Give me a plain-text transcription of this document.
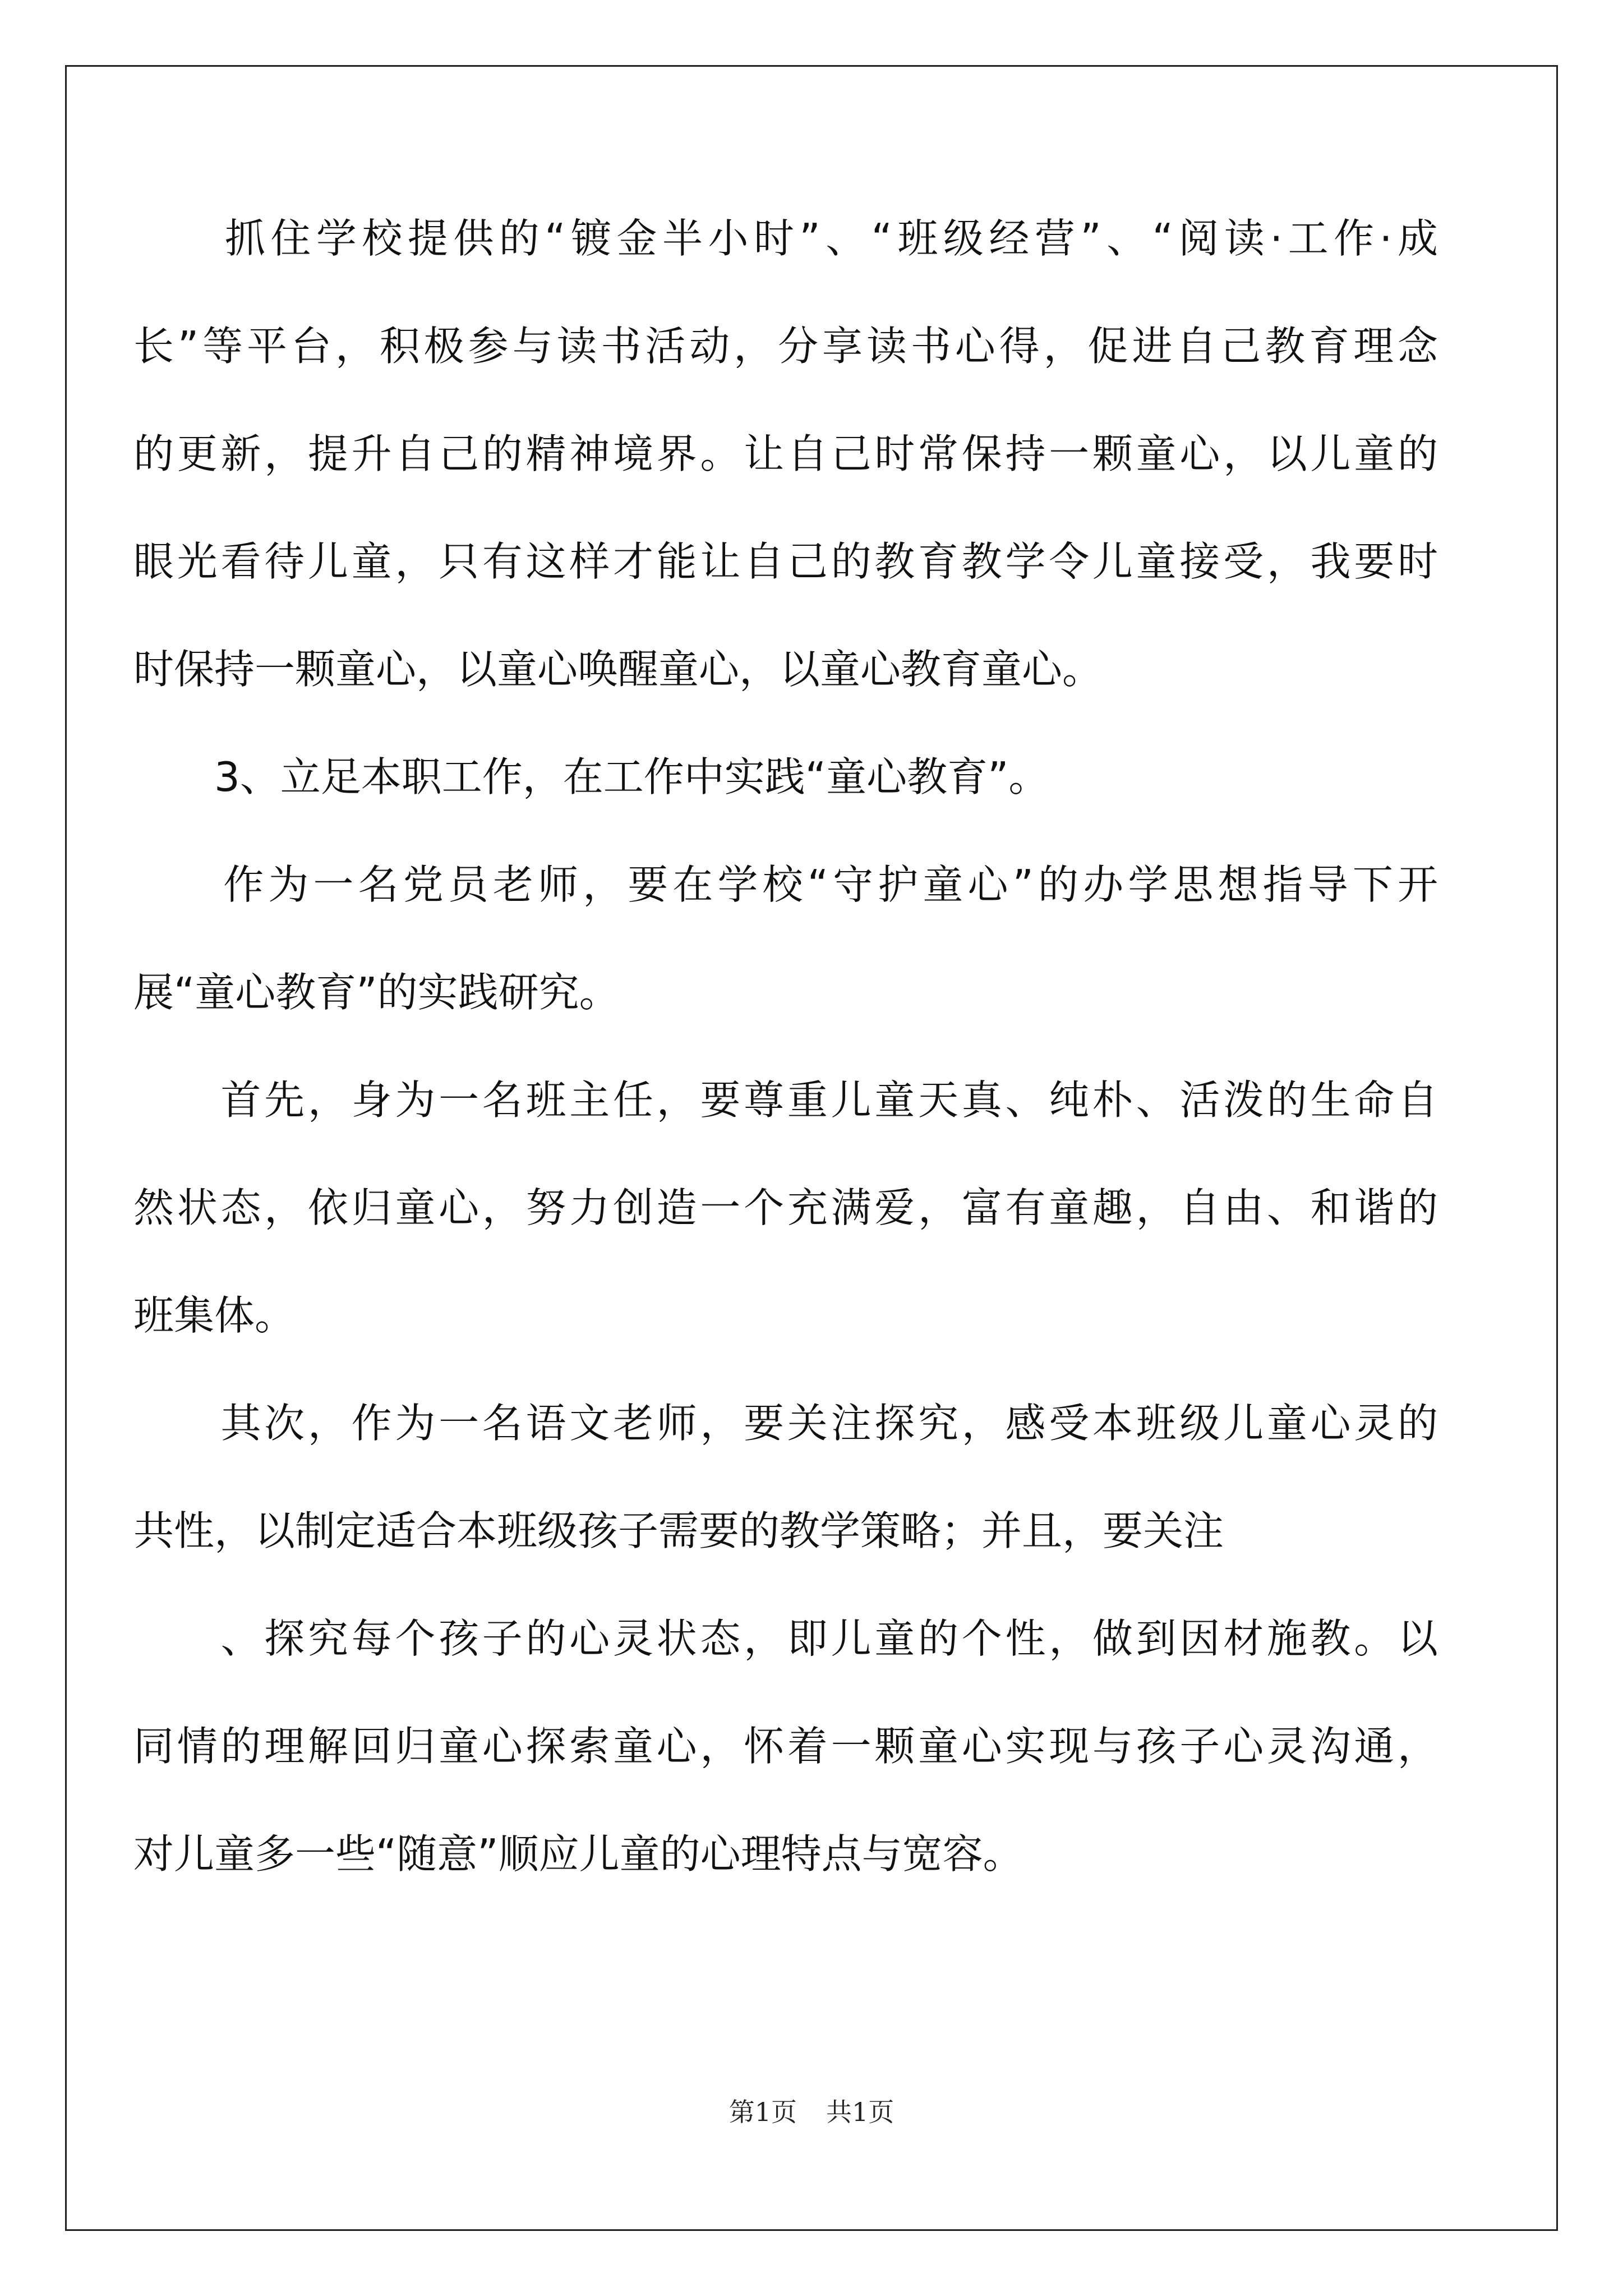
　　抓住学校提供的“镀金半小时”、“班级经营”、“阅读·工作·成
长”等平台，积极参与读书活动，分享读书心得，促进自己教育理念
的更新，提升自己的精神境界。让自己时常保持一颗童心，以儿童的
眼光看待儿童，只有这样才能让自己的教育教学令儿童接受，我要时
时保持一颗童心，以童心唤醒童心，以童心教育童心。
　　3、立足本职工作，在工作中实践“童心教育”。
　　作为一名党员老师，要在学校“守护童心”的办学思想指导下开
展“童心教育”的实践研究。
　　首先，身为一名班主任，要尊重儿童天真、纯朴、活泼的生命自
然状态，依归童心，努力创造一个充满爱，富有童趣，自由、和谐的
班集体。
　　其次，作为一名语文老师，要关注探究，感受本班级儿童心灵的
共性，以制定适合本班级孩子需要的教学策略；并且，要关注
　　、探究每个孩子的心灵状态，即儿童的个性，做到因材施教。以
同情的理解回归童心探索童心，怀着一颗童心实现与孩子心灵沟通，
对儿童多一些“随意”顺应儿童的心理特点与宽容。
第1页 共1页
